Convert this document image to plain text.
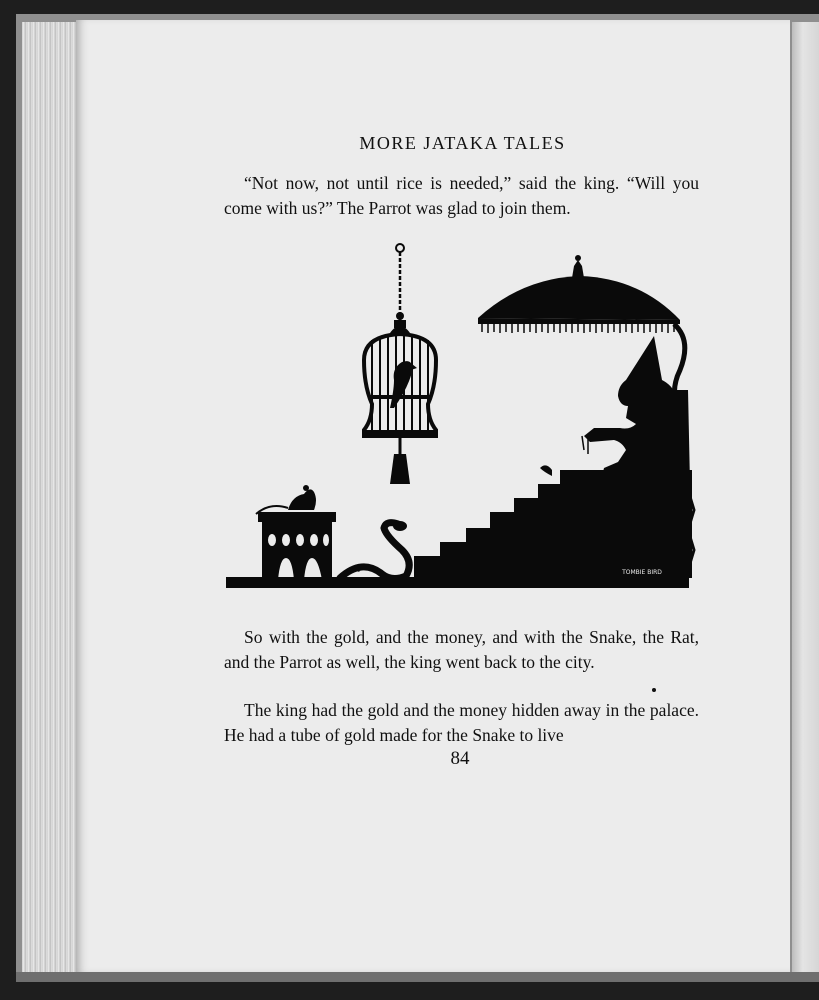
MORE JATAKA TALES
“Not now, not until rice is needed,” said the king. “Will you come with us?” The Parrot was glad to join them.
TOMBIE BIRD
So with the gold, and the money, and with the Snake, the Rat, and the Parrot as well, the king went back to the city.
The king had the gold and the money hidden away in the palace. He had a tube of gold made for the Snake to live
84
